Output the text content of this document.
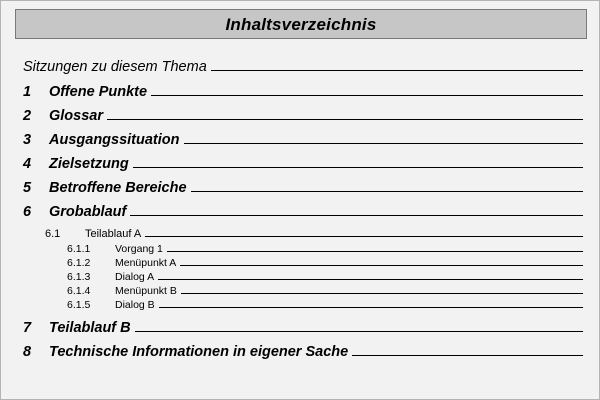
Inhaltsverzeichnis
Sitzungen zu diesem Thema
1	Offene Punkte
2	Glossar
3	Ausgangssituation
4	Zielsetzung
5	Betroffene Bereiche
6	Grobablauf
6.1	Teilablauf A
6.1.1	Vorgang 1
6.1.2	Menüpunkt A
6.1.3	Dialog A
6.1.4	Menüpunkt B
6.1.5	Dialog B
7	Teilablauf B
8	Technische Informationen in eigener Sache
